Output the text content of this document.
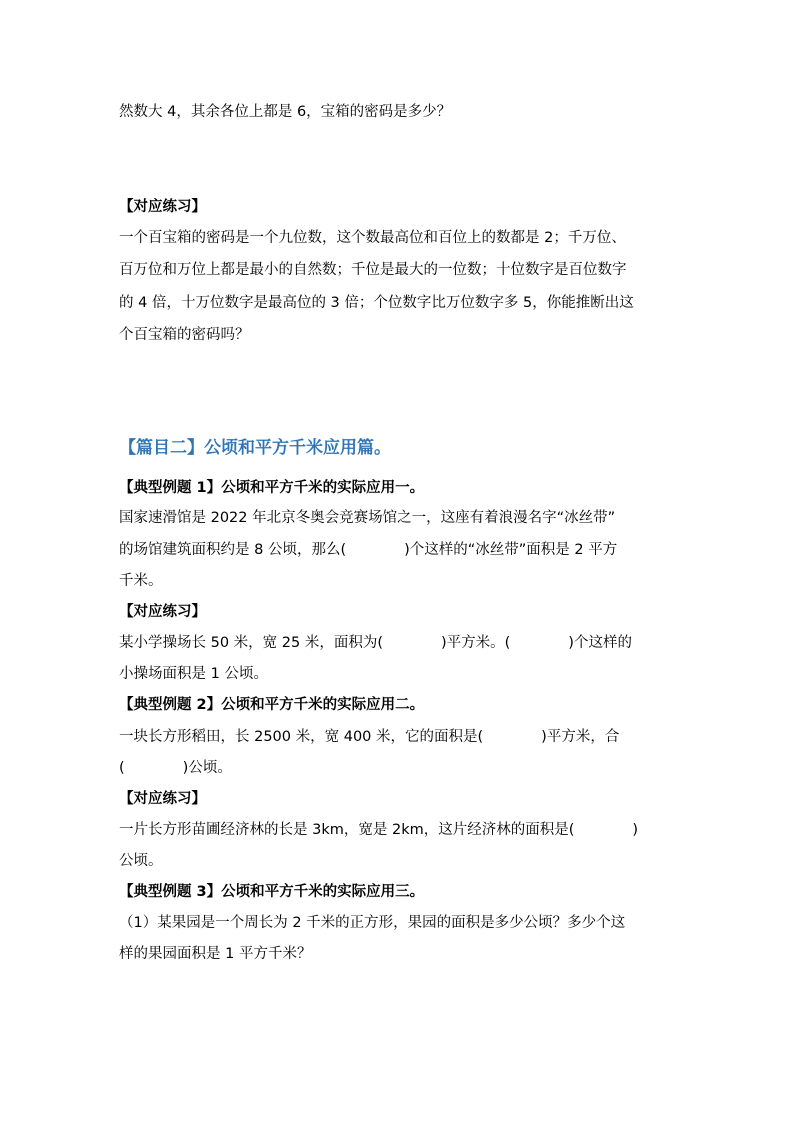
然数大 4，其余各位上都是 6，宝箱的密码是多少？
【对应练习】
一个百宝箱的密码是一个九位数，这个数最高位和百位上的数都是 2；千万位、
百万位和万位上都是最小的自然数；千位是最大的一位数；十位数字是百位数字
的 4 倍，十万位数字是最高位的 3 倍；个位数字比万位数字多 5，你能推断出这
个百宝箱的密码吗？
【篇目二】公顷和平方千米应用篇。
【典型例题 1】公顷和平方千米的实际应用一。
国家速滑馆是 2022 年北京冬奥会竞赛场馆之一，这座有着浪漫名字“冰丝带”
的场馆建筑面积约是 8 公顷，那么(　　　　)个这样的“冰丝带”面积是 2 平方
千米。
【对应练习】
某小学操场长 50 米，宽 25 米，面积为(　　　　)平方米。(　　　　)个这样的
小操场面积是 1 公顷。
【典型例题 2】公顷和平方千米的实际应用二。
一块长方形稻田，长 2500 米，宽 400 米，它的面积是(　　　　)平方米，合
(　　　　)公顷。
【对应练习】
一片长方形苗圃经济林的长是 3km，宽是 2km，这片经济林的面积是(　　　　)
公顷。
【典型例题 3】公顷和平方千米的实际应用三。
（1）某果园是一个周长为 2 千米的正方形，果园的面积是多少公顷？多少个这
样的果园面积是 1 平方千米？
